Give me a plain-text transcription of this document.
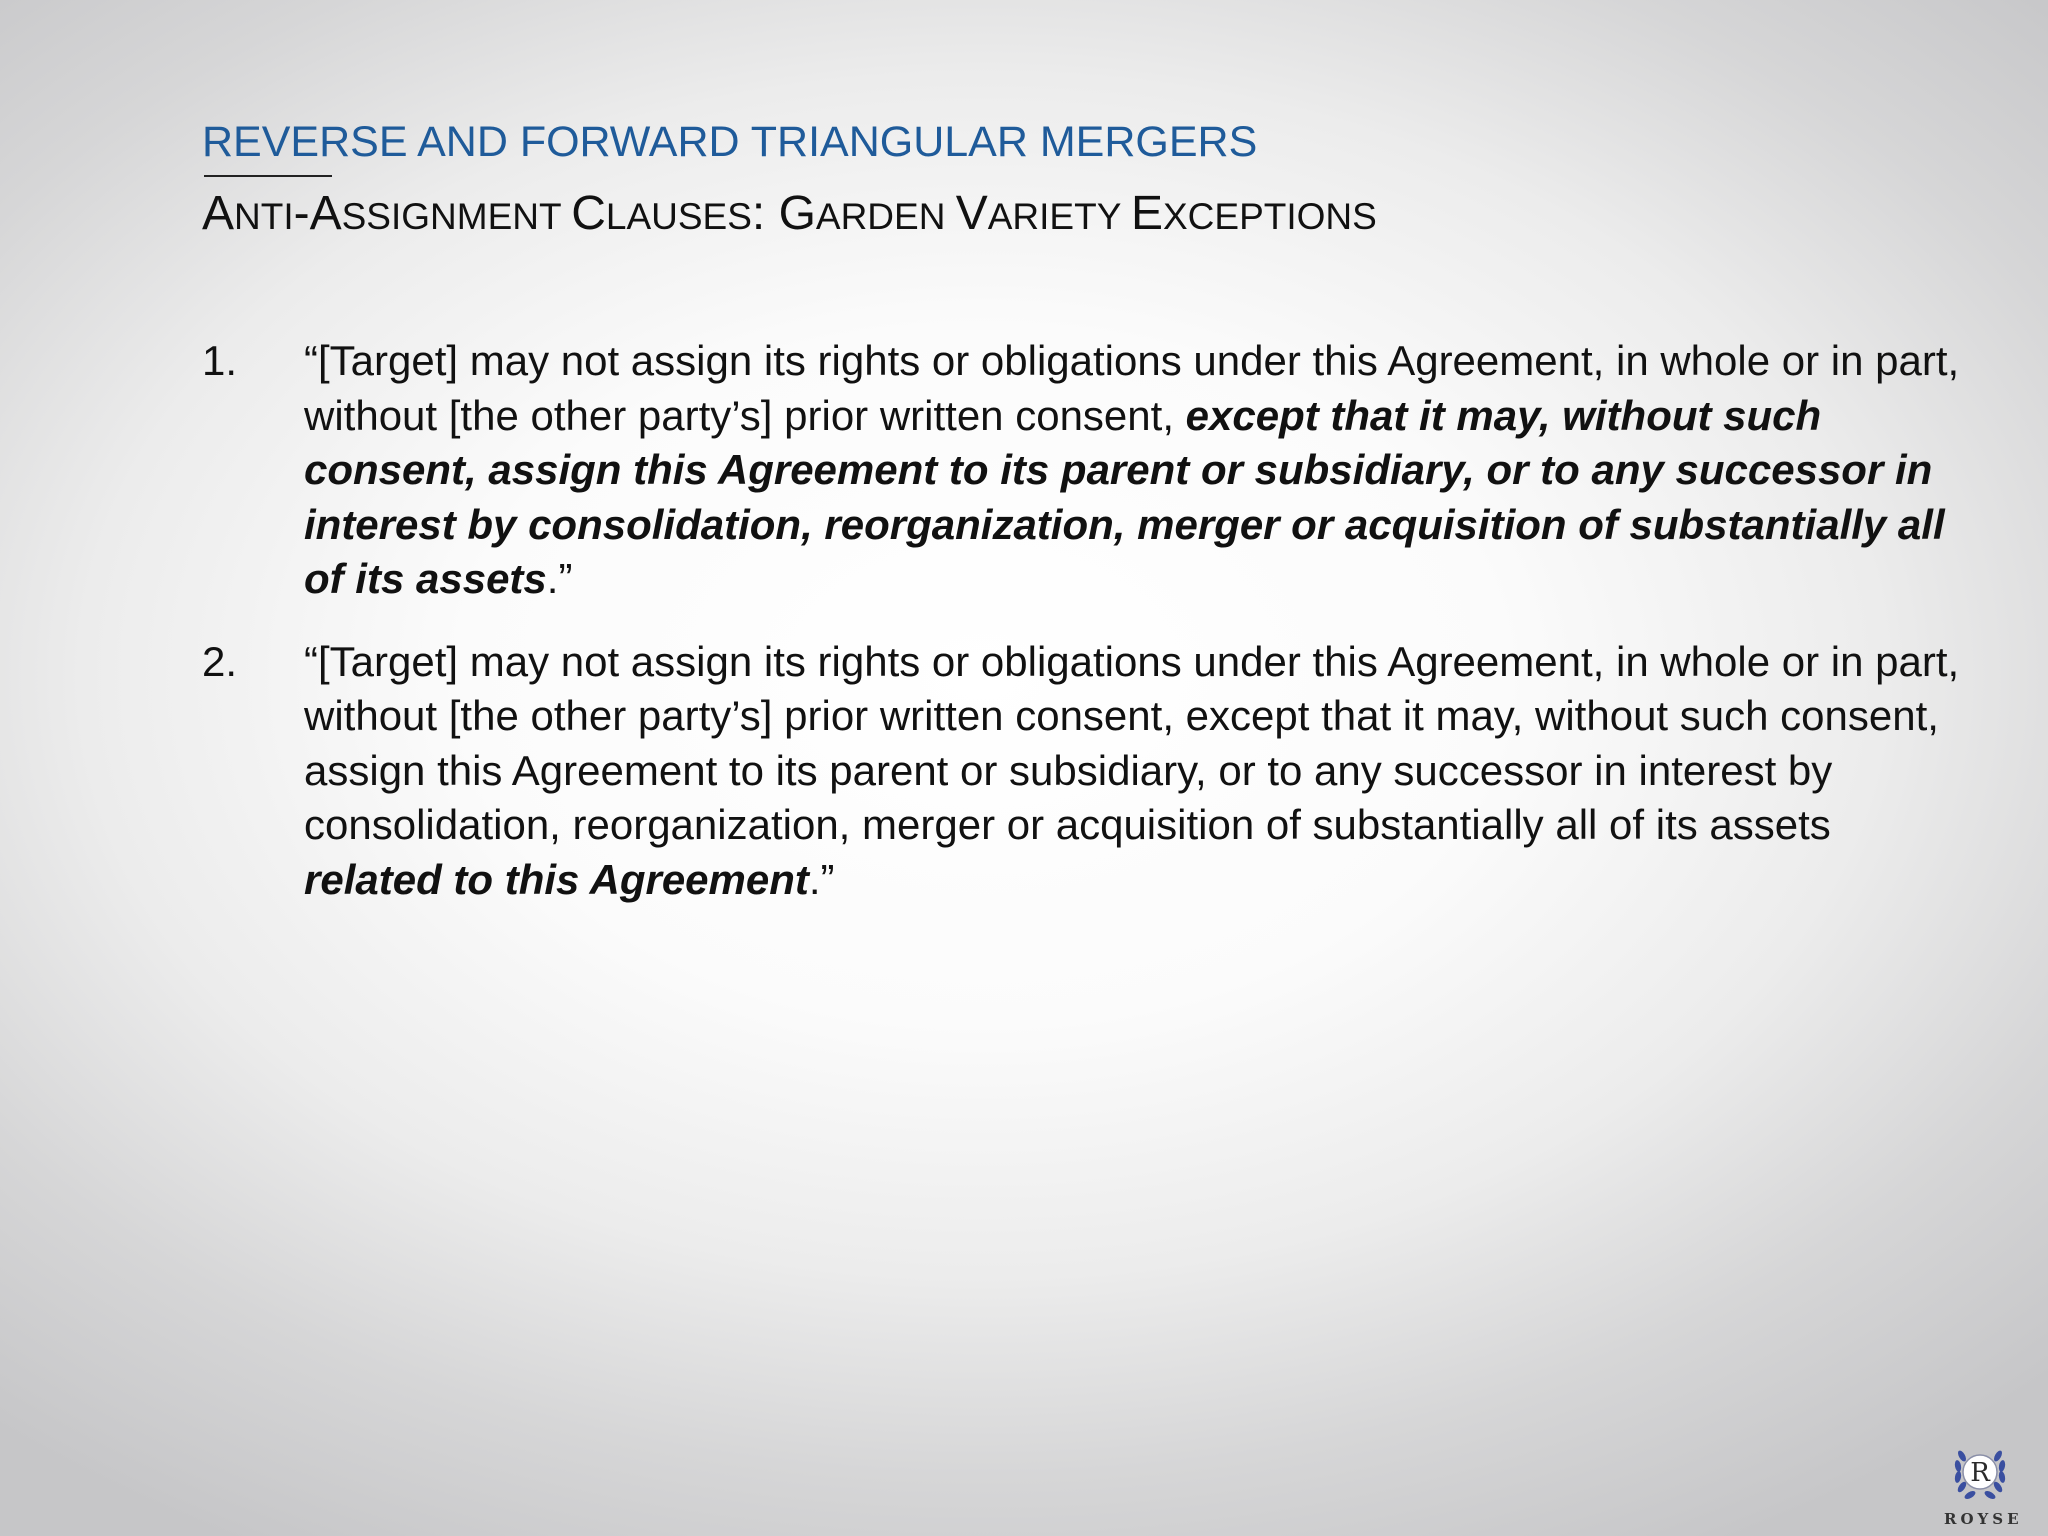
REVERSE AND FORWARD TRIANGULAR MERGERS
ANTI-ASSIGNMENT CLAUSES: GARDEN VARIETY EXCEPTIONS
1. “[Target] may not assign its rights or obligations under this Agreement, in whole or in part, without [the other party’s] prior written consent, except that it may, without such consent, assign this Agreement to its parent or subsidiary, or to any successor in interest by consolidation, reorganization, merger or acquisition of substantially all of its assets.”
2. “[Target] may not assign its rights or obligations under this Agreement, in whole or in part, without [the other party’s] prior written consent, except that it may, without such consent, assign this Agreement to its parent or subsidiary, or to any successor in interest by consolidation, reorganization, merger or acquisition of substantially all of its assets related to this Agreement.”
R
ROYSE
